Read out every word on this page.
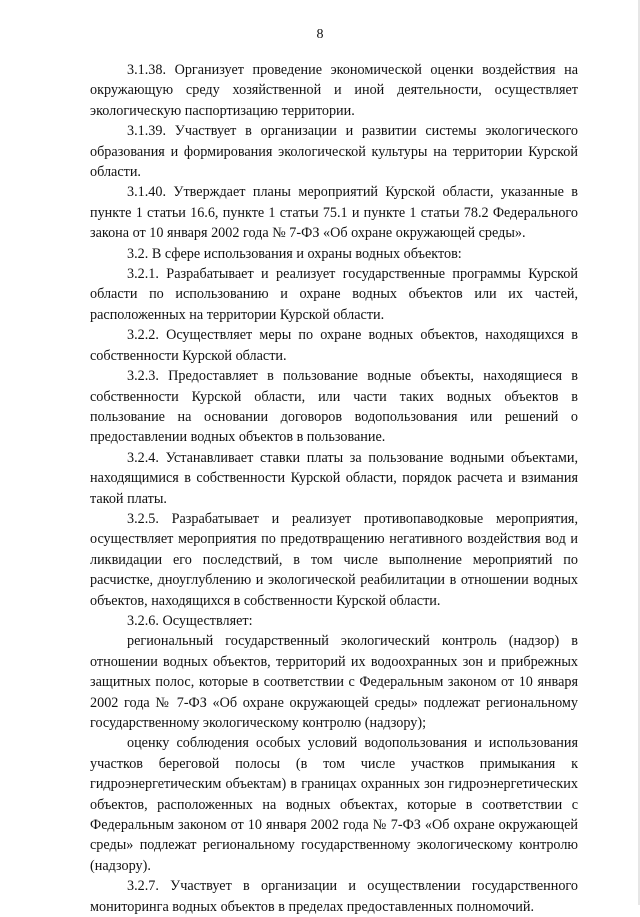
8

3.1.38. Организует проведение экономической оценки воздействия на окружающую среду хозяйственной и иной деятельности, осуществляет экологическую паспортизацию территории.

3.1.39. Участвует в организации и развитии системы экологического образования и формирования экологической культуры на территории Курской области.

3.1.40. Утверждает планы мероприятий Курской области, указанные в пункте 1 статьи 16.6, пункте 1 статьи 75.1 и пункте 1 статьи 78.2 Федерального закона от 10 января 2002 года № 7-ФЗ «Об охране окружающей среды».

3.2. В сфере использования и охраны водных объектов:

3.2.1. Разрабатывает и реализует государственные программы Курской области по использованию и охране водных объектов или их частей, расположенных на территории Курской области.

3.2.2. Осуществляет меры по охране водных объектов, находящихся в собственности Курской области.

3.2.3. Предоставляет в пользование водные объекты, находящиеся в собственности Курской области, или части таких водных объектов в пользование на основании договоров водопользования или решений о предоставлении водных объектов в пользование.

3.2.4. Устанавливает ставки платы за пользование водными объектами, находящимися в собственности Курской области, порядок расчета и взимания такой платы.

3.2.5. Разрабатывает и реализует противопаводковые мероприятия, осуществляет мероприятия по предотвращению негативного воздействия вод и ликвидации его последствий, в том числе выполнение мероприятий по расчистке, дноуглублению и экологической реабилитации в отношении водных объектов, находящихся в собственности Курской области.

3.2.6. Осуществляет:

региональный государственный экологический контроль (надзор) в отношении водных объектов, территорий их водоохранных зон и прибрежных защитных полос, которые в соответствии с Федеральным законом от 10 января 2002 года № 7-ФЗ «Об охране окружающей среды» подлежат региональному государственному экологическому контролю (надзору);

оценку соблюдения особых условий водопользования и использования участков береговой полосы (в том числе участков примыкания к гидроэнергетическим объектам) в границах охранных зон гидроэнергетических объектов, расположенных на водных объектах, которые в соответствии с Федеральным законом от 10 января 2002 года № 7-ФЗ «Об охране окружающей среды» подлежат региональному государственному экологическому контролю (надзору).

3.2.7. Участвует в организации и осуществлении государственного мониторинга водных объектов в пределах предоставленных полномочий.
